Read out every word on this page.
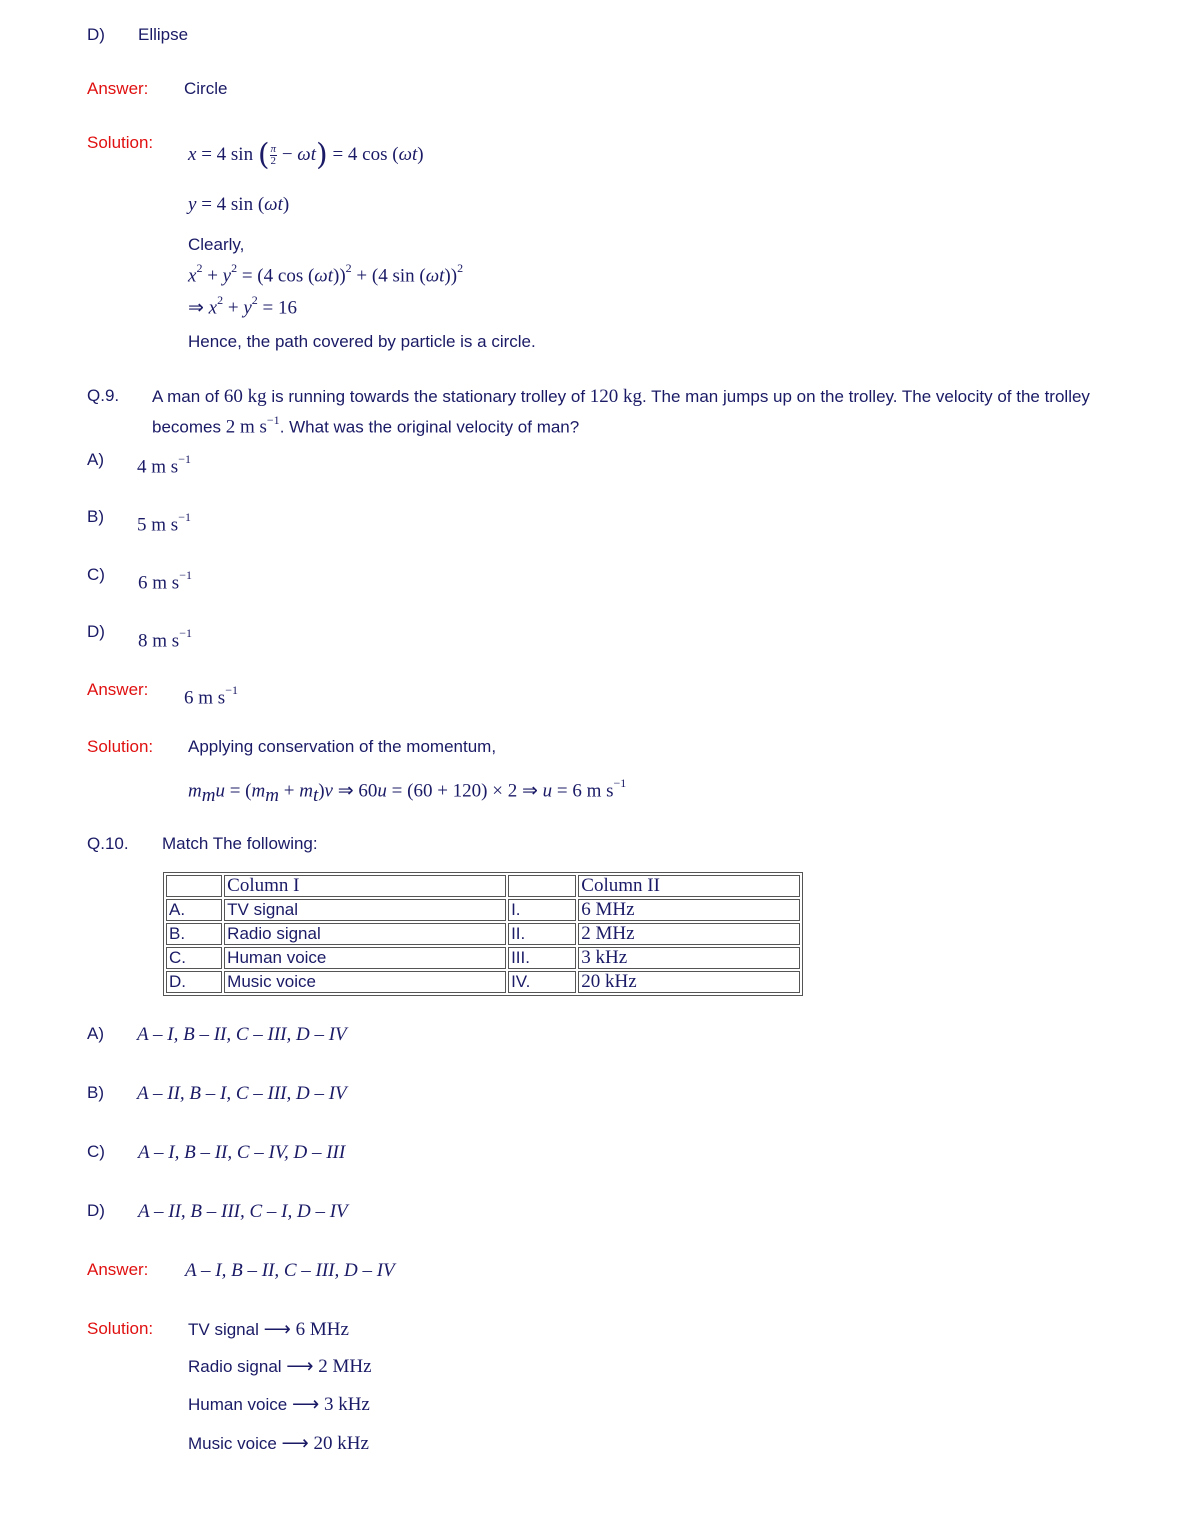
D) Ellipse
Answer: Circle
Solution:
x = 4 sin ( $\frac{\pi}{2} - \omega t) = 4$ cos (ωt)
y = 4 sin (ωt)
Clearly,
$x^2 + y^2 = (4$ cos (ωt))$^2$ + (4 sin (ωt))$^2$
⇒ $x^2 + y^2 = 16$
Hence, the path covered by particle is a circle.
Q.9. A man of 60 kg is running towards the stationary trolley of 120 kg. The man jumps up on the trolley. The velocity of the trolley
becomes 2 m $s^{-1}$. What was the original velocity of man?
A) 4 m $s^{-1}$
B) 5 m $s^{-1}$
C) 6 m $s^{-1}$
D) 8 m $s^{-1}$
Answer: 6 m $s^{-1}$
Solution: Applying conservation of the momentum,
$m_mu = (m_m + m_t)v$ ⇒ 60u = (60 + 120) × 2 ⇒ u = 6 m $s^{-1}$
Q.10. Match The following:
	Column I		Column II
A.	TV signal	I.	6 MHz
B.	Radio signal	II.	2 MHz
C.	Human voice	III.	3 kHz
D.	Music voice	IV.	20 kHz
A) A – I, B – II, C – III, D – IV
B) A – II, B – I, C – III, D – IV
C) A – I, B – II, C – IV, D – III
D) A – II, B – III, C – I, D – IV
Answer: A – I, B – II, C – III, D – IV
Solution: TV signal ⟶ 6 MHz
Radio signal ⟶ 2 MHz
Human voice ⟶ 3 kHz
Music voice ⟶ 20 kHz
